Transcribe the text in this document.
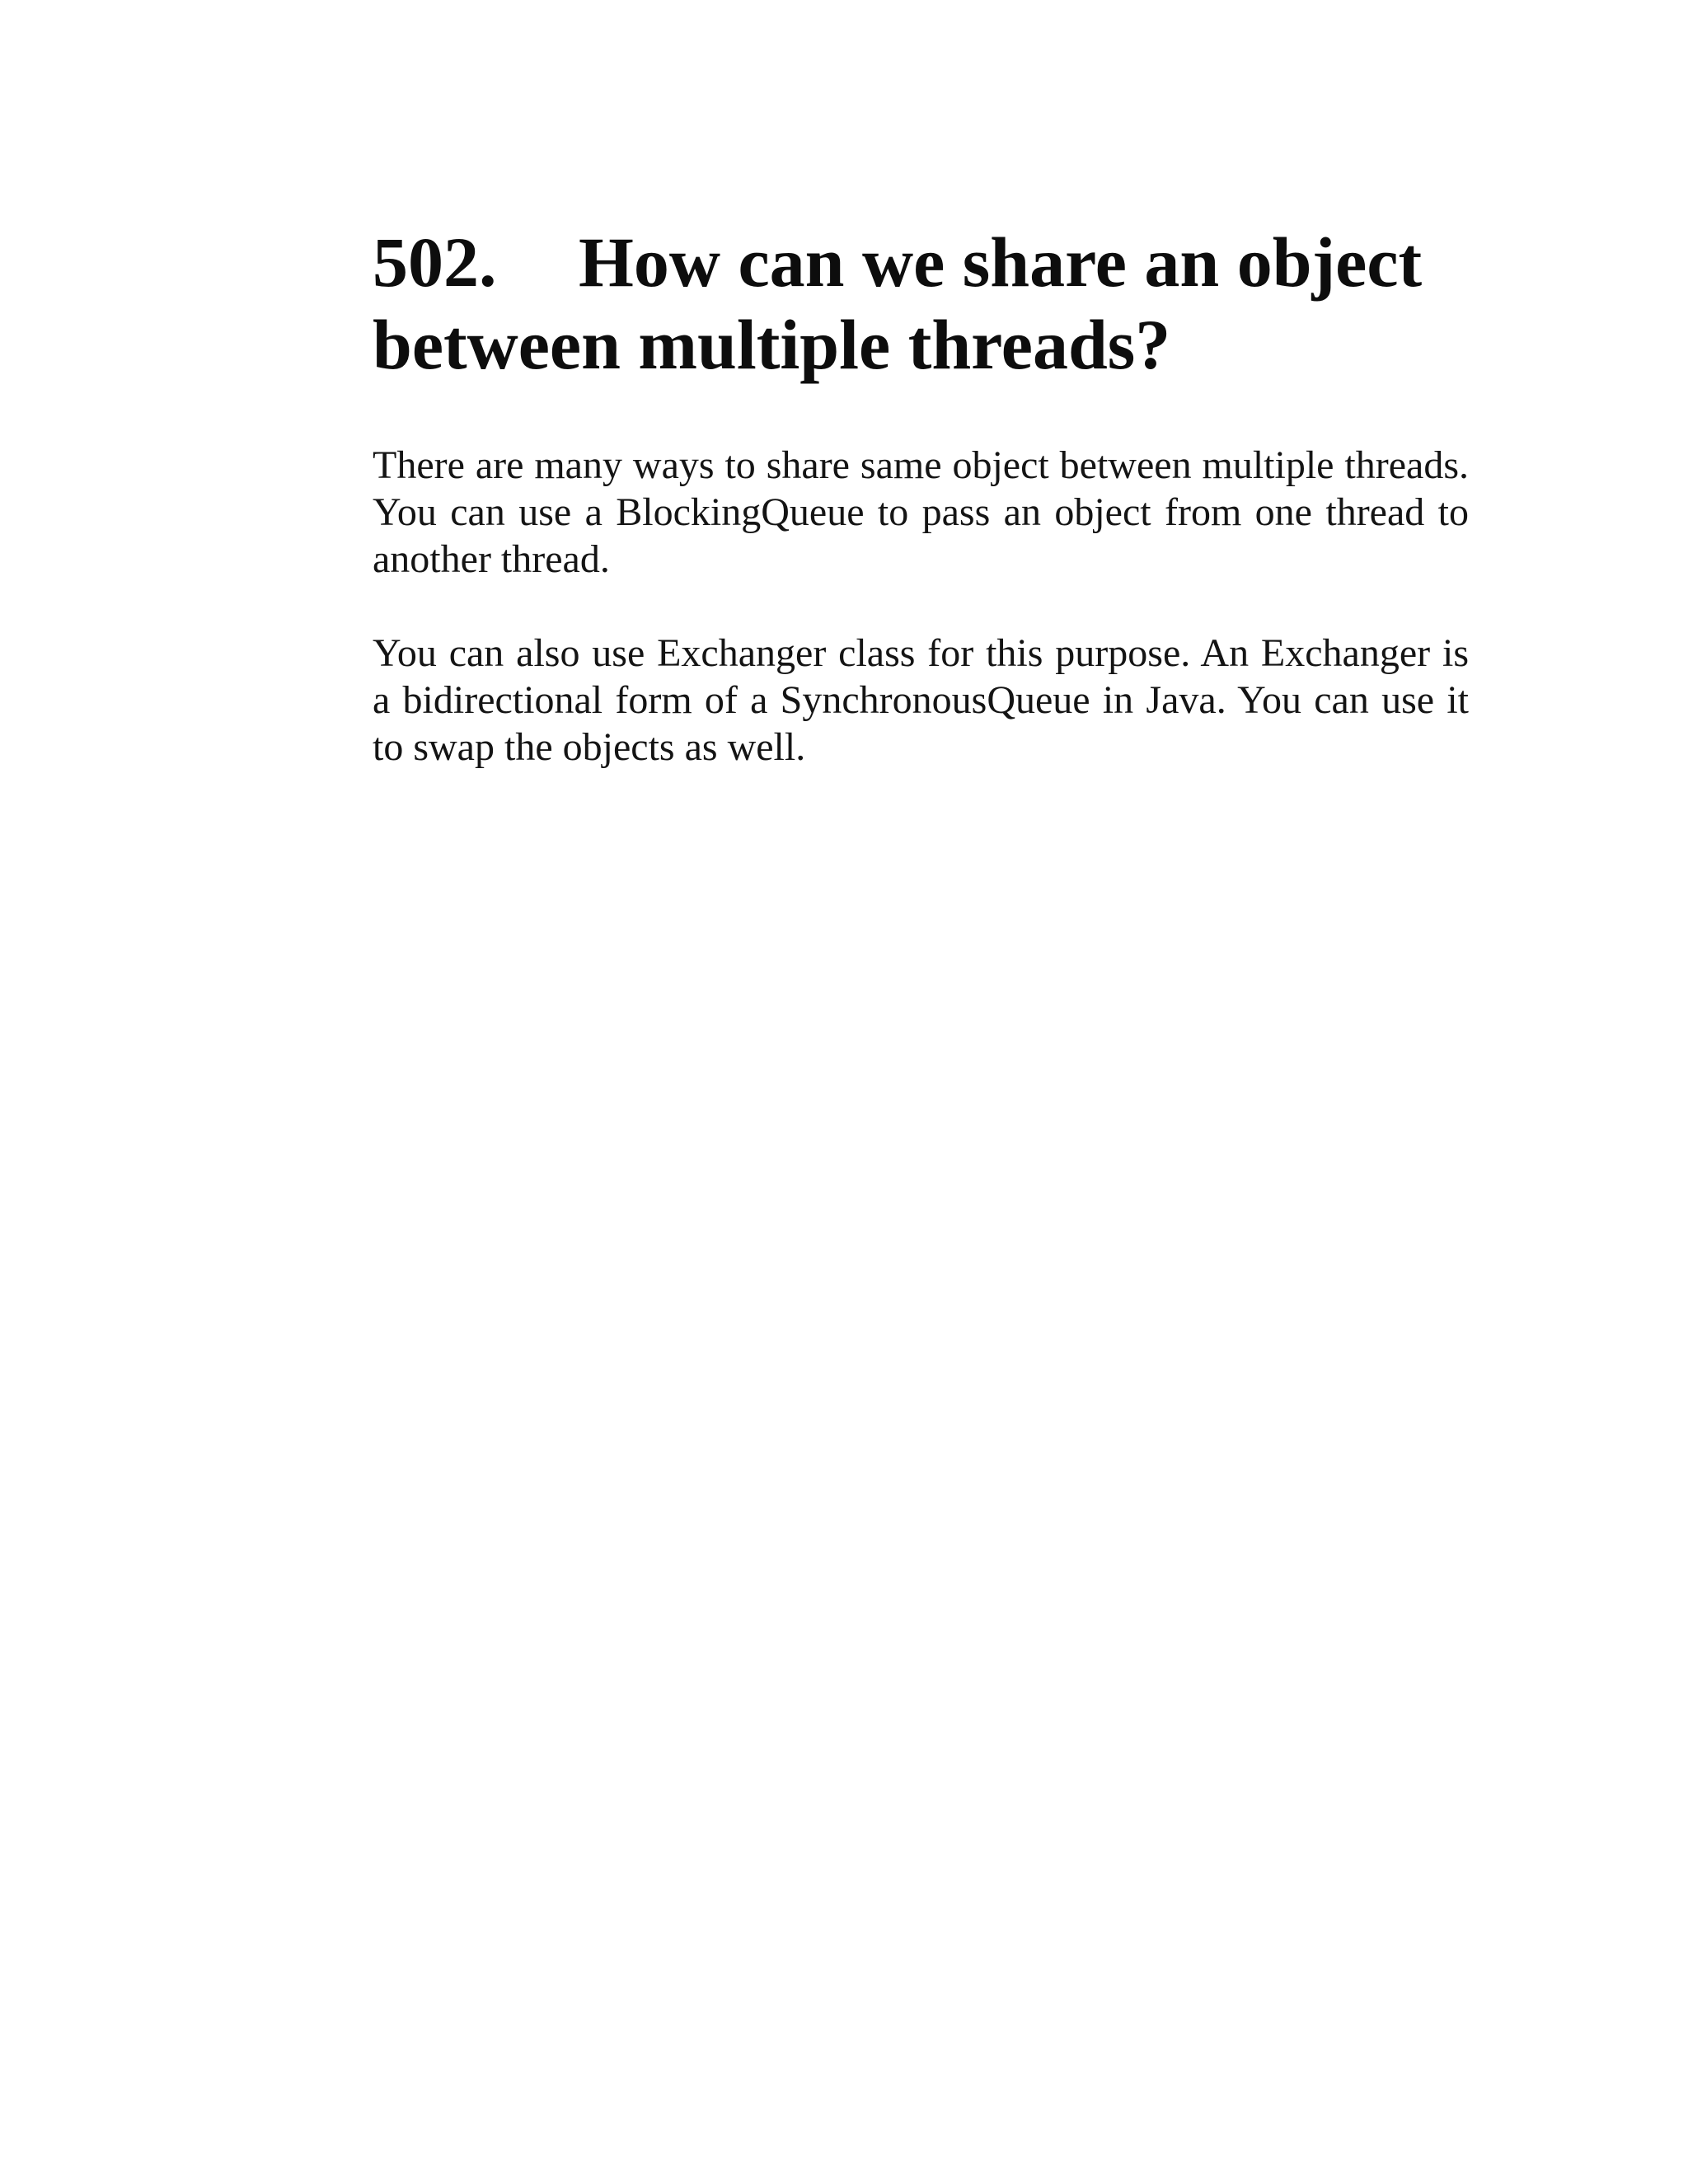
502. How can we share an object between multiple threads?

There are many ways to share same object between multiple threads. You can use a BlockingQueue to pass an object from one thread to another thread.

You can also use Exchanger class for this purpose. An Exchanger is a bidirectional form of a SynchronousQueue in Java. You can use it to swap the objects as well.
